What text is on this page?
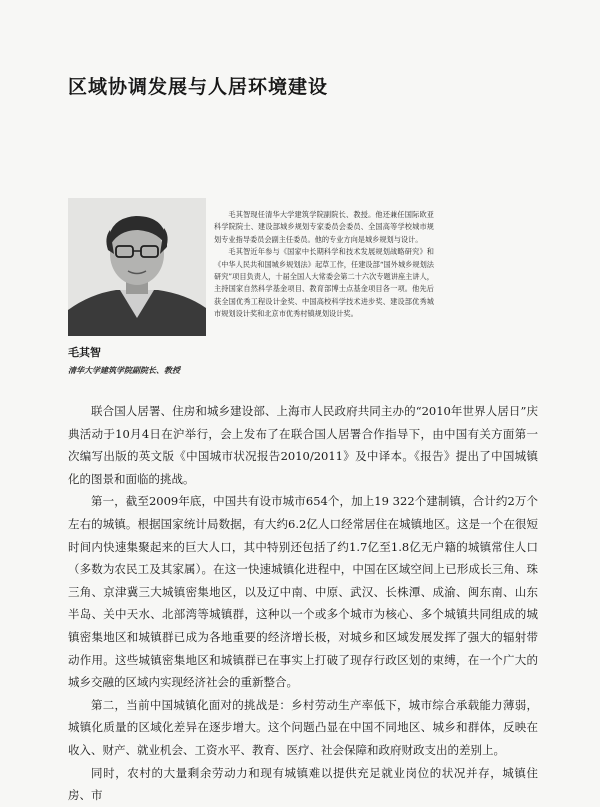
区域协调发展与人居环境建设

毛其智现任清华大学建筑学院副院长、教授。他还兼任国际欧亚科学院院士、建设部城乡规划专家委员会委员、全国高等学校城市规划专业指导委员会副主任委员。他的专业方向是城乡规划与设计。

毛其智近年参与《国家中长期科学和技术发展规划战略研究》和《中华人民共和国城乡规划法》起草工作，任建设部“国外城乡规划法研究”项目负责人，十届全国人大常委会第二十六次专题讲座主讲人，主持国家自然科学基金项目、教育部博士点基金项目各一项。他先后获全国优秀工程设计金奖、中国高校科学技术进步奖、建设部优秀城市规划设计奖和北京市优秀村镇规划设计奖。

毛其智
清华大学建筑学院副院长、教授

联合国人居署、住房和城乡建设部、上海市人民政府共同主办的“2010年世界人居日”庆典活动于10月4日在沪举行，会上发布了在联合国人居署合作指导下，由中国有关方面第一次编写出版的英文版《中国城市状况报告2010/2011》及中译本。《报告》提出了中国城镇化的图景和面临的挑战。

第一，截至2009年底，中国共有设市城市654个，加上19 322个建制镇，合计约2万个左右的城镇。根据国家统计局数据，有大约6.2亿人口经常居住在城镇地区。这是一个在很短时间内快速集聚起来的巨大人口，其中特别还包括了约1.7亿至1.8亿无户籍的城镇常住人口（多数为农民工及其家属）。在这一快速城镇化进程中，中国在区域空间上已形成长三角、珠三角、京津冀三大城镇密集地区，以及辽中南、中原、武汉、长株潭、成渝、闽东南、山东半岛、关中天水、北部湾等城镇群，这种以一个或多个城市为核心、多个城镇共同组成的城镇密集地区和城镇群已成为各地重要的经济增长极，对城乡和区域发展发挥了强大的辐射带动作用。这些城镇密集地区和城镇群已在事实上打破了现存行政区划的束缚，在一个广大的城乡交融的区域内实现经济社会的重新整合。

第二，当前中国城镇化面对的挑战是：乡村劳动生产率低下，城市综合承载能力薄弱，城镇化质量的区域化差异在逐步增大。这个问题凸显在中国不同地区、城乡和群体，反映在收入、财产、就业机会、工资水平、教育、医疗、社会保障和政府财政支出的差别上。

同时，农村的大量剩余劳动力和现有城镇难以提供充足就业岗位的状况并存，城镇住房、市
